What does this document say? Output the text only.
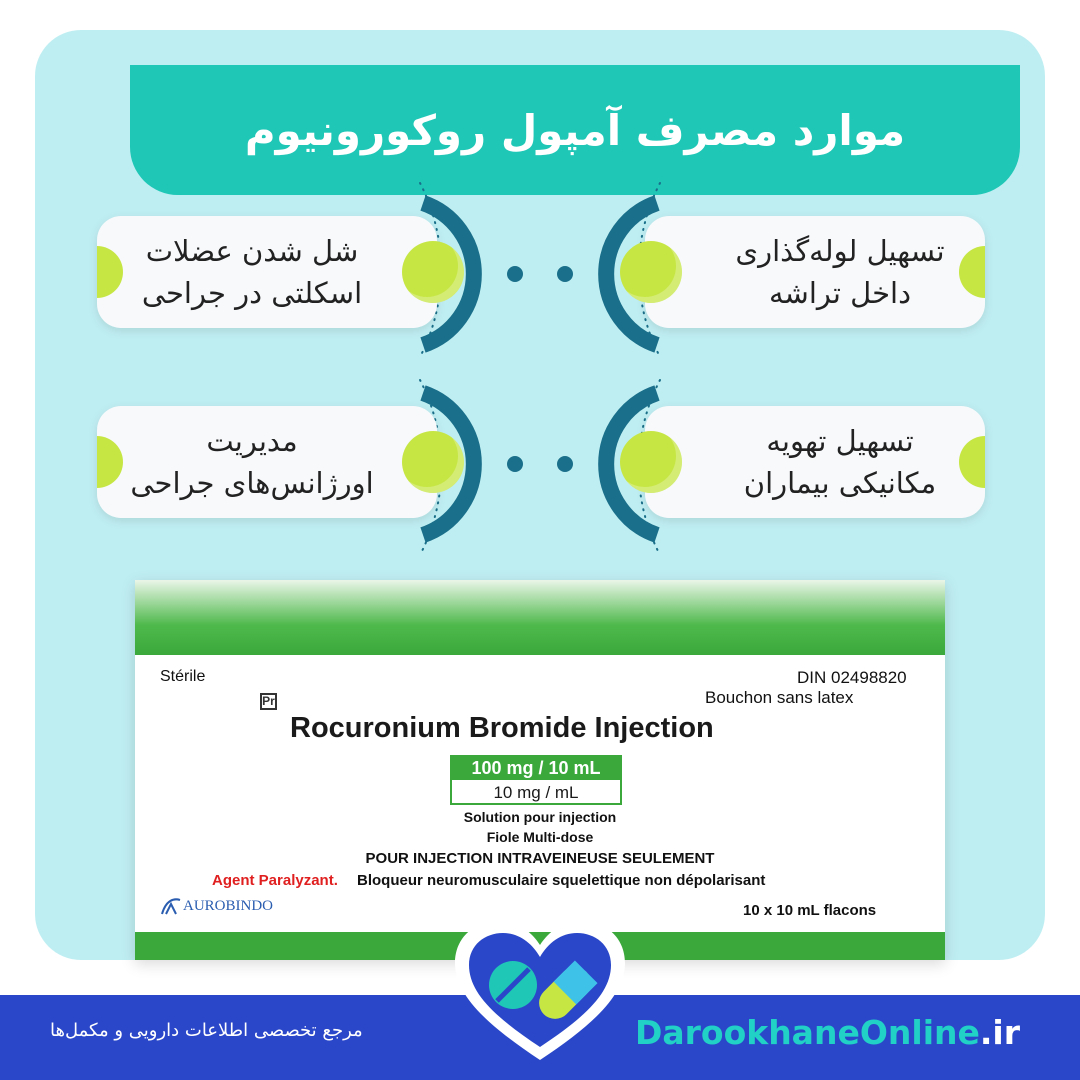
موارد مصرف آمپول روکورونیوم
شل شدن عضلات
اسکلتی در جراحی
تسهیل لوله‌گذاری
داخل تراشه
مدیریت
اورژانس‌های جراحی
تسهیل تهویه
مکانیکی بیماران
Stérile	DIN 02498820
Bouchon sans latex
Pr
Rocuronium Bromide Injection
100 mg / 10 mL
10 mg / mL
Solution pour injection
Fiole Multi-dose
POUR INJECTION INTRAVEINEUSE SEULEMENT
Agent Paralyzant. Bloqueur neuromusculaire squelettique non dépolarisant
AUROBINDO	10 x 10 mL flacons
مرجع تخصصی اطلاعات دارویی و مکمل‌ها	DarookhaneOnline.ir
